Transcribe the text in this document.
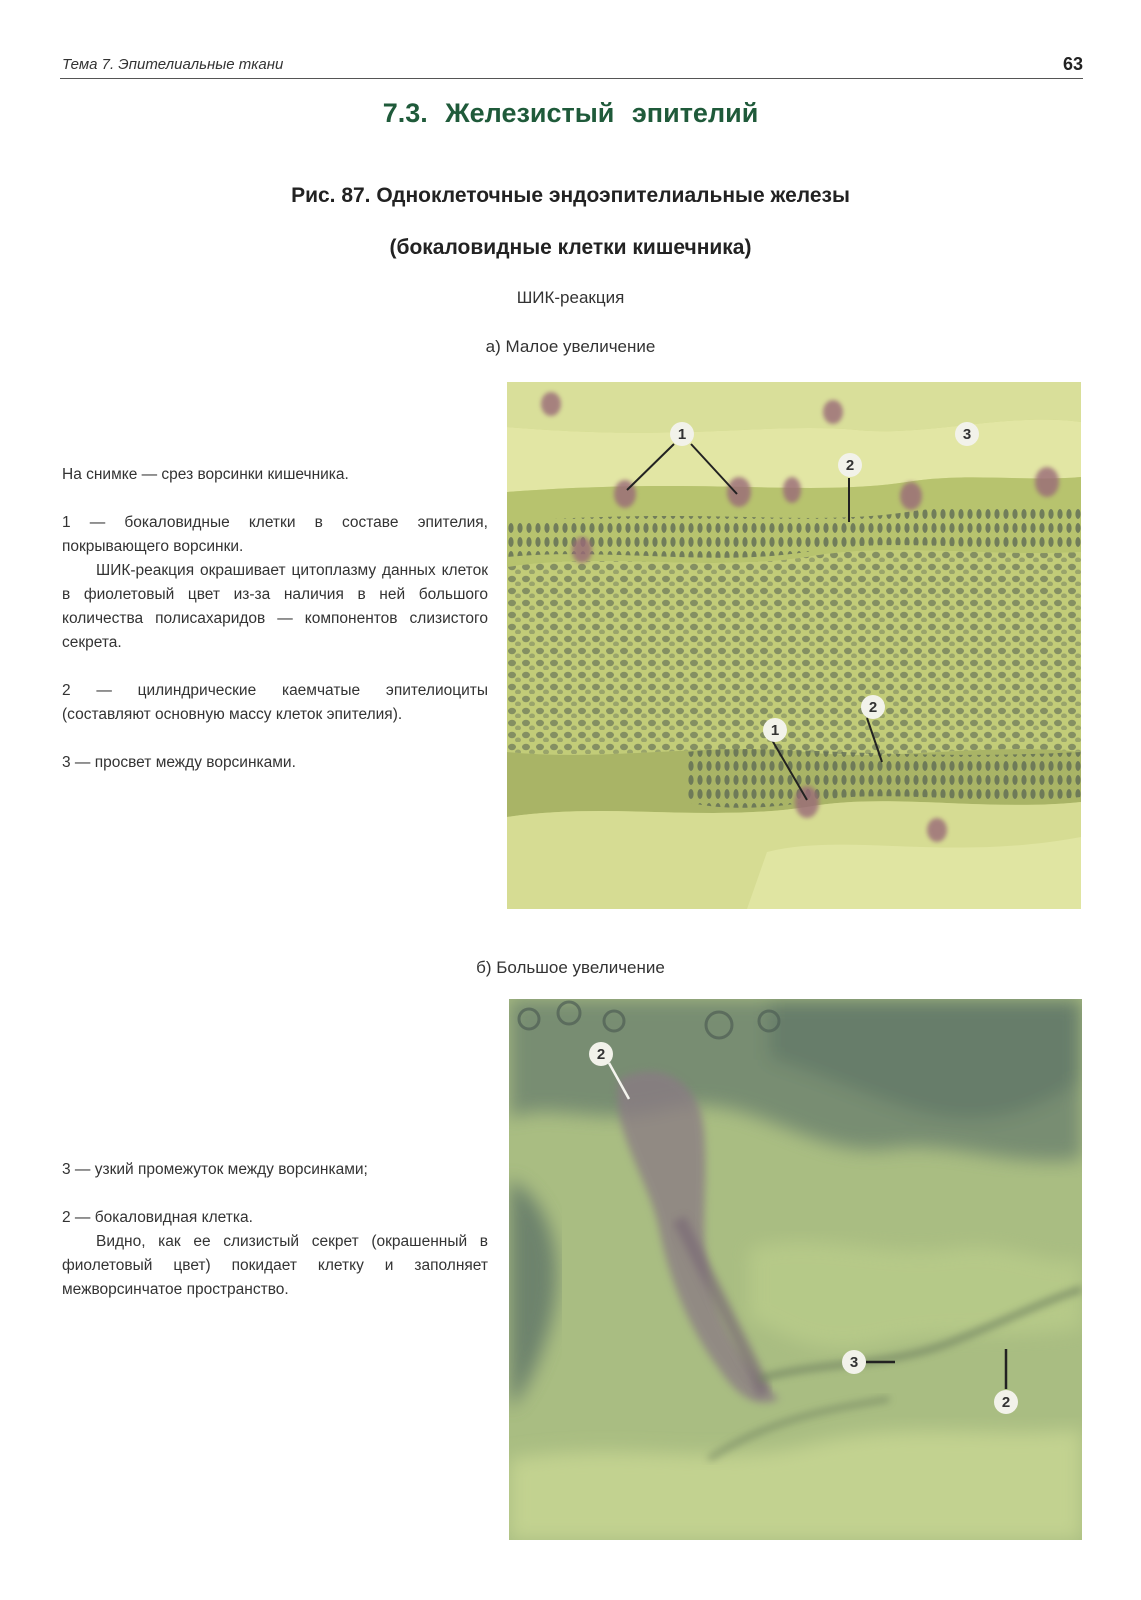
Тема 7. Эпителиальные ткани	63
7.3. Железистый эпителий
Рис. 87. Одноклеточные эндоэпителиальные железы
(бокаловидные клетки кишечника)
ШИК-реакция
а) Малое увеличение

На снимке — срез ворсинки кишечника.

1 — бокаловидные клетки в составе эпителия, покрывающего ворсинки.

ШИК-реакция окрашивает цитоплазму данных клеток в фиолетовый цвет из-за наличия в ней большого количества полисахаридов — компонентов слизистого секрета.

2 — цилиндрические каемчатые эпителиоциты (составляют основную массу клеток эпителия).

3 — просвет между ворсинками.

1
2
3
2
1
б) Большое увеличение

3 — узкий промежуток между ворсинками;

2 — бокаловидная клетка.

Видно, как ее слизистый секрет (окрашенный в фиолетовый цвет) покидает клетку и заполняет межворсинчатое пространство.

2
3
2
